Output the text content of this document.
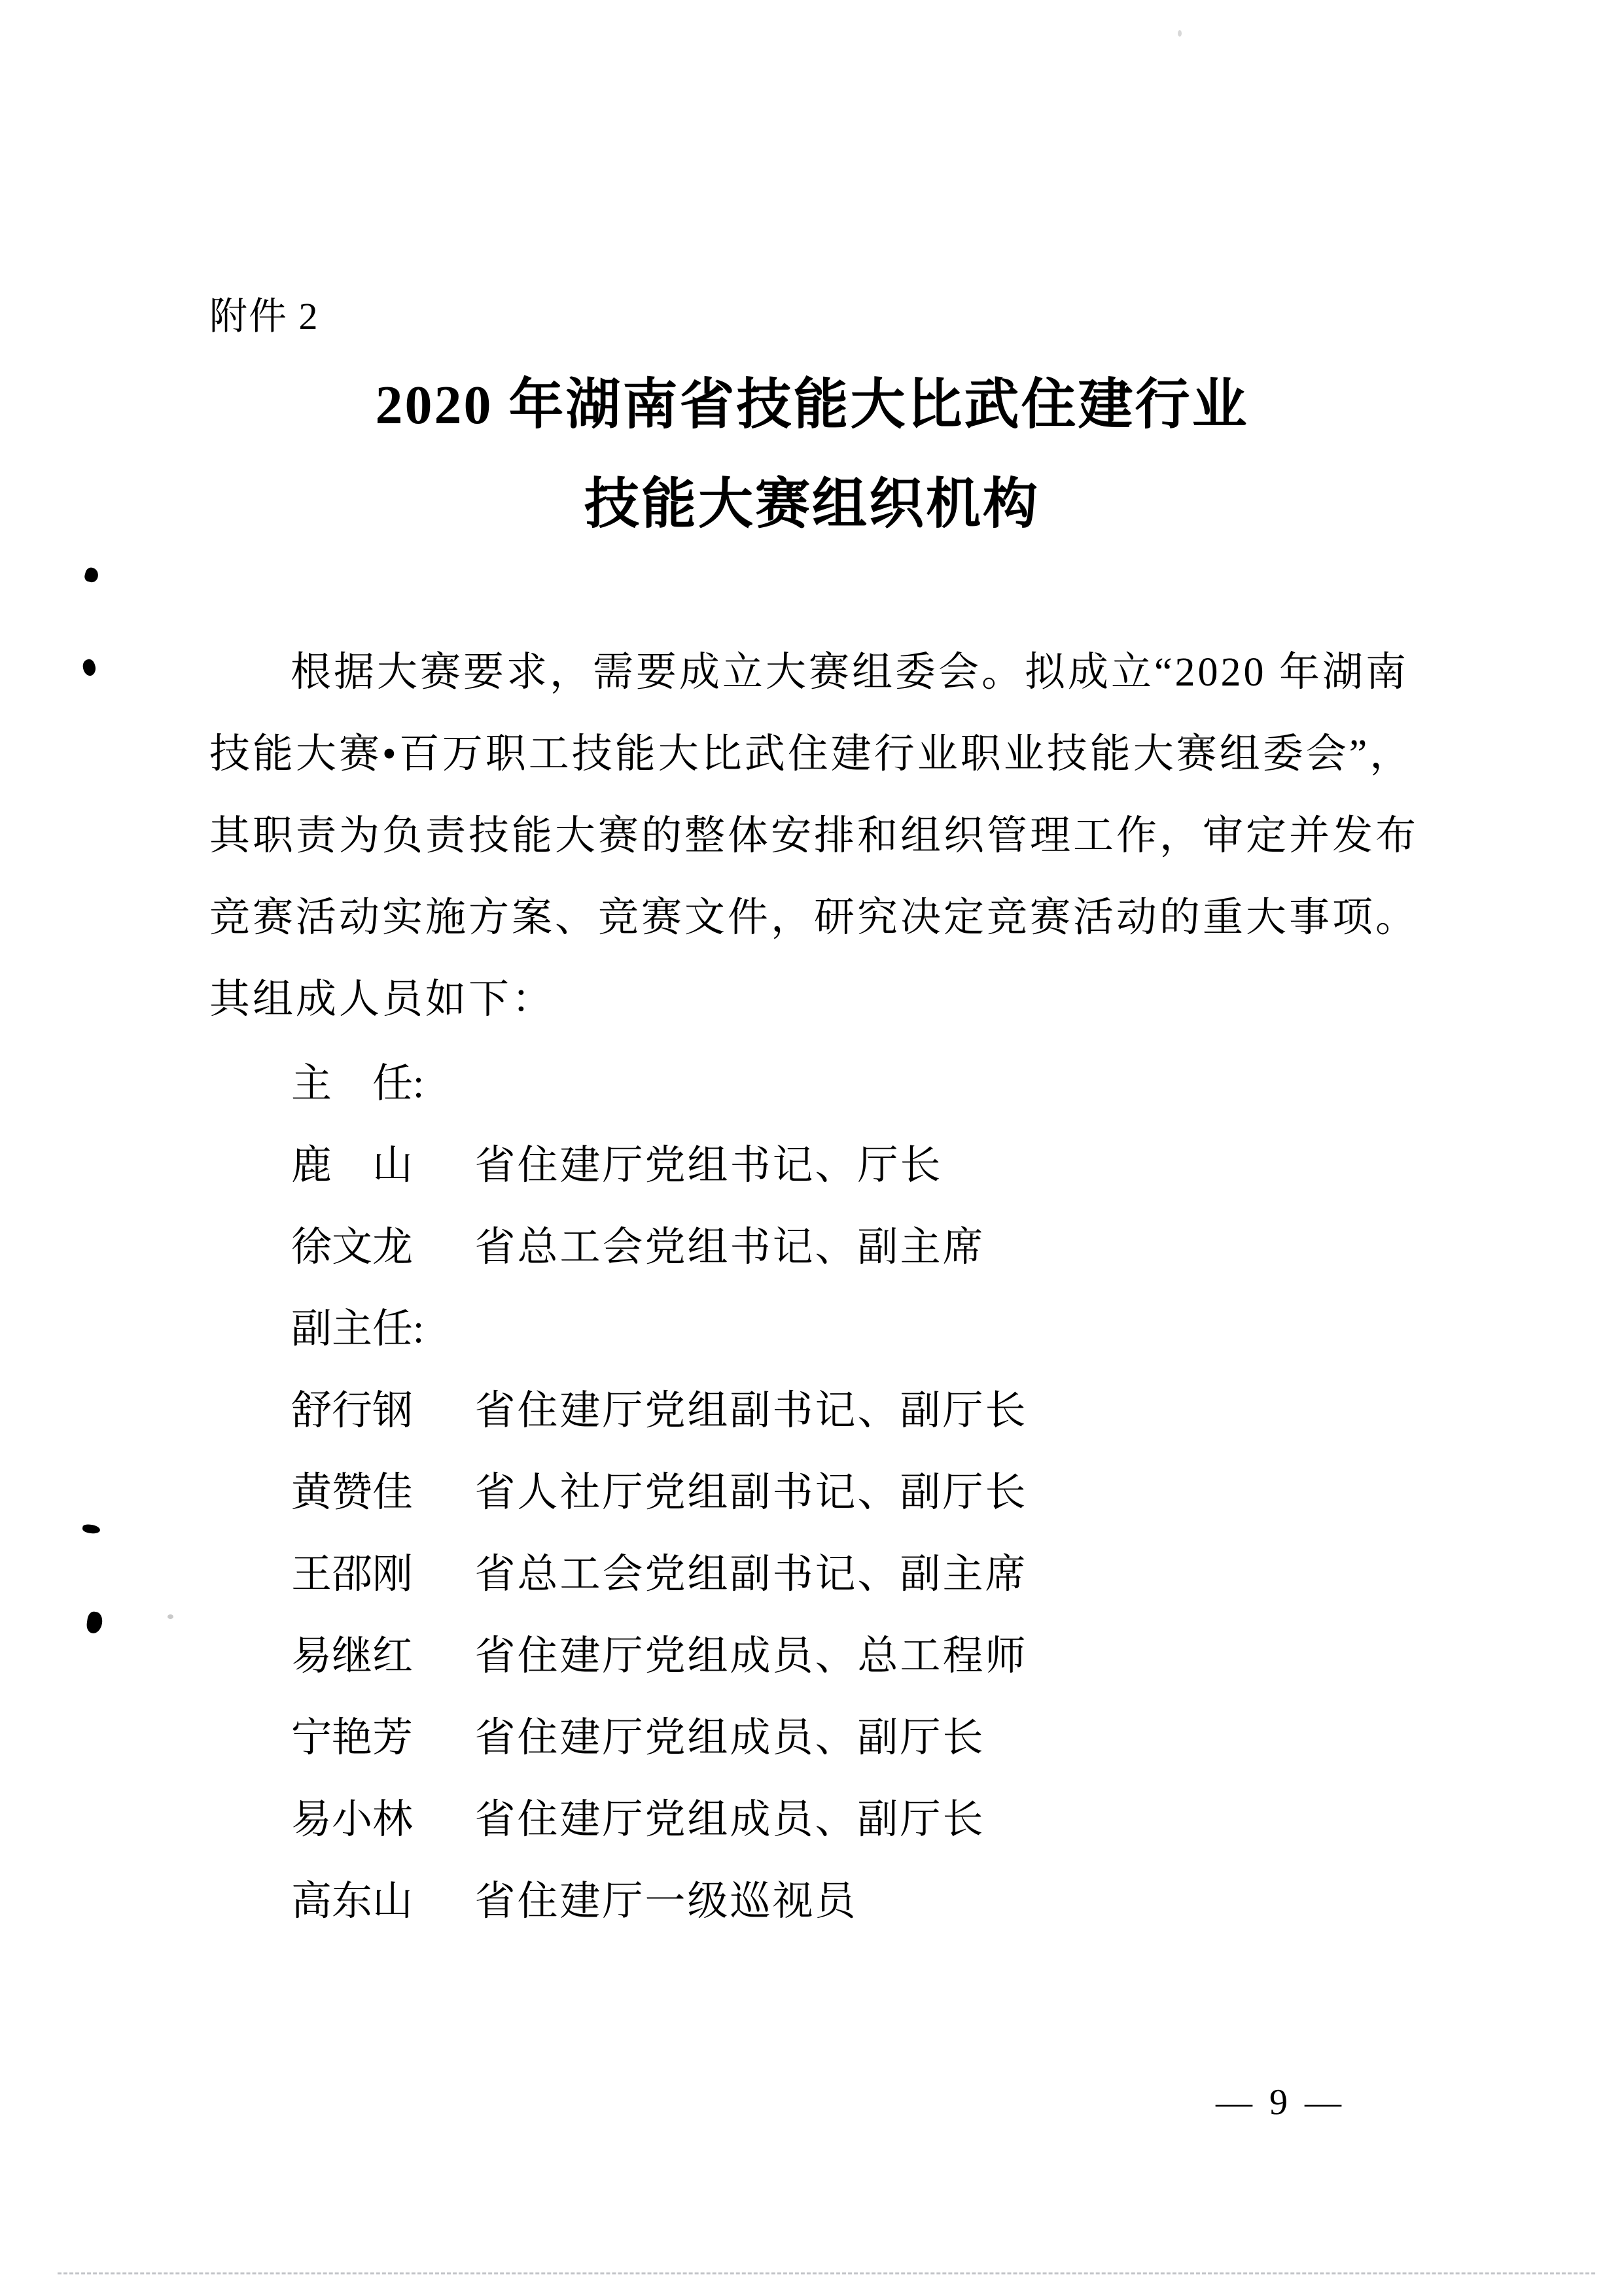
附件 2
2020 年湖南省技能大比武住建行业
技能大赛组织机构
根据大赛要求，需要成立大赛组委会。拟成立“2020 年湖南
技能大赛•百万职工技能大比武住建行业职业技能大赛组委会”，
其职责为负责技能大赛的整体安排和组织管理工作，审定并发布
竞赛活动实施方案、竞赛文件，研究决定竞赛活动的重大事项。
其组成人员如下：
主　任:
鹿　山 省住建厅党组书记、厅长
徐文龙 省总工会党组书记、副主席
副主任:
舒行钢 省住建厅党组副书记、副厅长
黄赞佳 省人社厅党组副书记、副厅长
王邵刚 省总工会党组副书记、副主席
易继红 省住建厅党组成员、总工程师
宁艳芳 省住建厅党组成员、副厅长
易小林 省住建厅党组成员、副厅长
高东山 省住建厅一级巡视员
— 9 —
